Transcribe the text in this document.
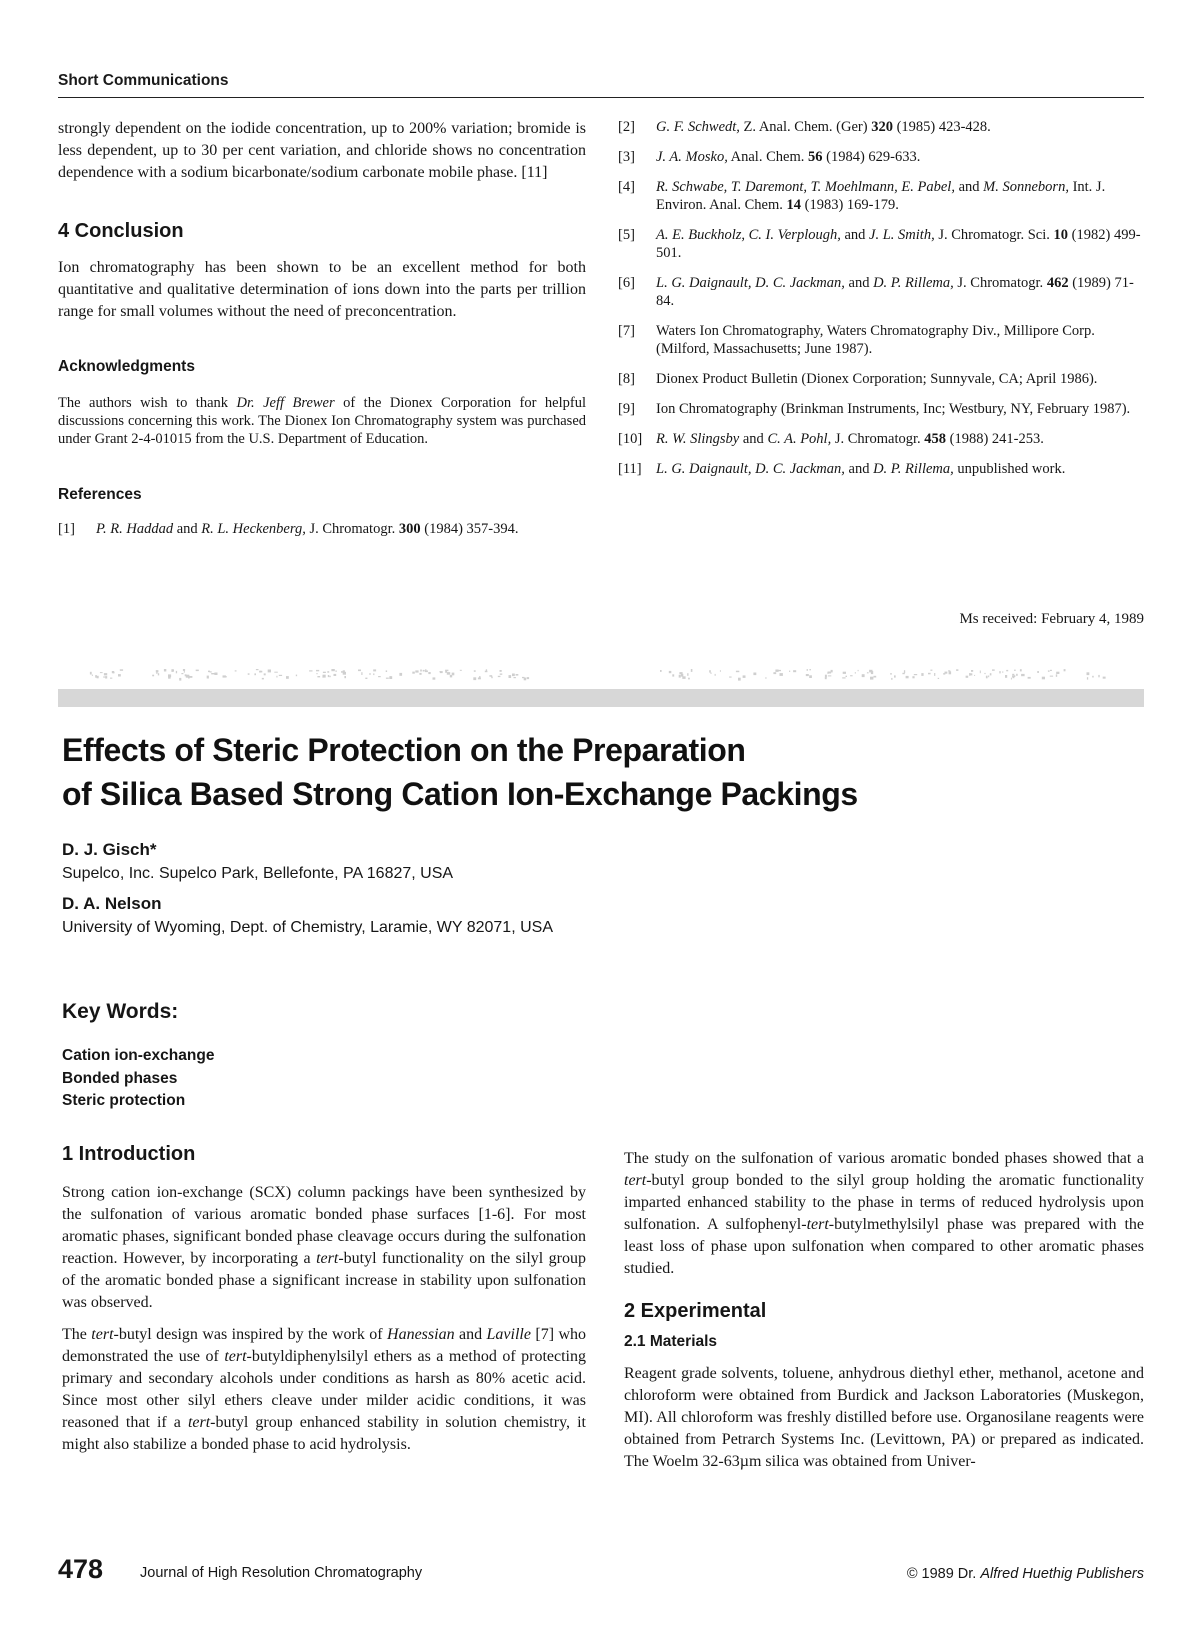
Short Communications

strongly dependent on the iodide concentration, up to 200% variation; bromide is less dependent, up to 30 per cent variation, and chloride shows no concentration dependence with a sodium bicarbonate/sodium carbonate mobile phase. [11]

4 Conclusion

Ion chromatography has been shown to be an excellent method for both quantitative and qualitative determination of ions down into the parts per trillion range for small volumes without the need of preconcentration.

Acknowledgments

The authors wish to thank Dr. Jeff Brewer of the Dionex Corporation for helpful discussions concerning this work. The Dionex Ion Chromatography system was purchased under Grant 2-4-01015 from the U.S. Department of Education.

References

[1] P. R. Haddad and R. L. Heckenberg, J. Chromatogr. 300 (1984) 357-394.

[2] G. F. Schwedt, Z. Anal. Chem. (Ger) 320 (1985) 423-428.

[3] J. A. Mosko, Anal. Chem. 56 (1984) 629-633.

[4] R. Schwabe, T. Daremont, T. Moehlmann, E. Pabel, and M. Sonneborn, Int. J. Environ. Anal. Chem. 14 (1983) 169-179.

[5] A. E. Buckholz, C. I. Verplough, and J. L. Smith, J. Chromatogr. Sci. 10 (1982) 499-501.

[6] L. G. Daignault, D. C. Jackman, and D. P. Rillema, J. Chromatogr. 462 (1989) 71-84.

[7] Waters Ion Chromatography, Waters Chromatography Div., Millipore Corp. (Milford, Massachusetts; June 1987).

[8] Dionex Product Bulletin (Dionex Corporation; Sunnyvale, CA; April 1986).

[9] Ion Chromatography (Brinkman Instruments, Inc; Westbury, NY, February 1987).

[10] R. W. Slingsby and C. A. Pohl, J. Chromatogr. 458 (1988) 241-253.

[11] L. G. Daignault, D. C. Jackman, and D. P. Rillema, unpublished work.

Ms received: February 4, 1989
Effects of Steric Protection on the Preparation
of Silica Based Strong Cation Ion-Exchange Packings
D. J. Gisch*
Supelco, Inc. Supelco Park, Bellefonte, PA 16827, USA
D. A. Nelson
University of Wyoming, Dept. of Chemistry, Laramie, WY 82071, USA
Key Words:
Cation ion-exchange
Bonded phases
Steric protection
1 Introduction

Strong cation ion-exchange (SCX) column packings have been synthesized by the sulfonation of various aromatic bonded phase surfaces [1-6]. For most aromatic phases, significant bonded phase cleavage occurs during the sulfonation reaction. However, by incorporating a tert-butyl functionality on the silyl group of the aromatic bonded phase a significant increase in stability upon sulfonation was observed.

The tert-butyl design was inspired by the work of Hanessian and Laville [7] who demonstrated the use of tert-butyldiphenylsilyl ethers as a method of protecting primary and secondary alcohols under conditions as harsh as 80% acetic acid. Since most other silyl ethers cleave under milder acidic conditions, it was reasoned that if a tert-butyl group enhanced stability in solution chemistry, it might also stabilize a bonded phase to acid hydrolysis.

The study on the sulfonation of various aromatic bonded phases showed that a tert-butyl group bonded to the silyl group holding the aromatic functionality imparted enhanced stability to the phase in terms of reduced hydrolysis upon sulfonation. A sulfophenyl-tert-butylmethylsilyl phase was prepared with the least loss of phase upon sulfonation when compared to other aromatic phases studied.

2 Experimental
2.1 Materials

Reagent grade solvents, toluene, anhydrous diethyl ether, methanol, acetone and chloroform were obtained from Burdick and Jackson Laboratories (Muskegon, MI). All chloroform was freshly distilled before use. Organosilane reagents were obtained from Petrarch Systems Inc. (Levittown, PA) or prepared as indicated. The Woelm 32-63µm silica was obtained from Univer-

478	Journal of High Resolution Chromatography	© 1989 Dr. Alfred Huethig Publishers
